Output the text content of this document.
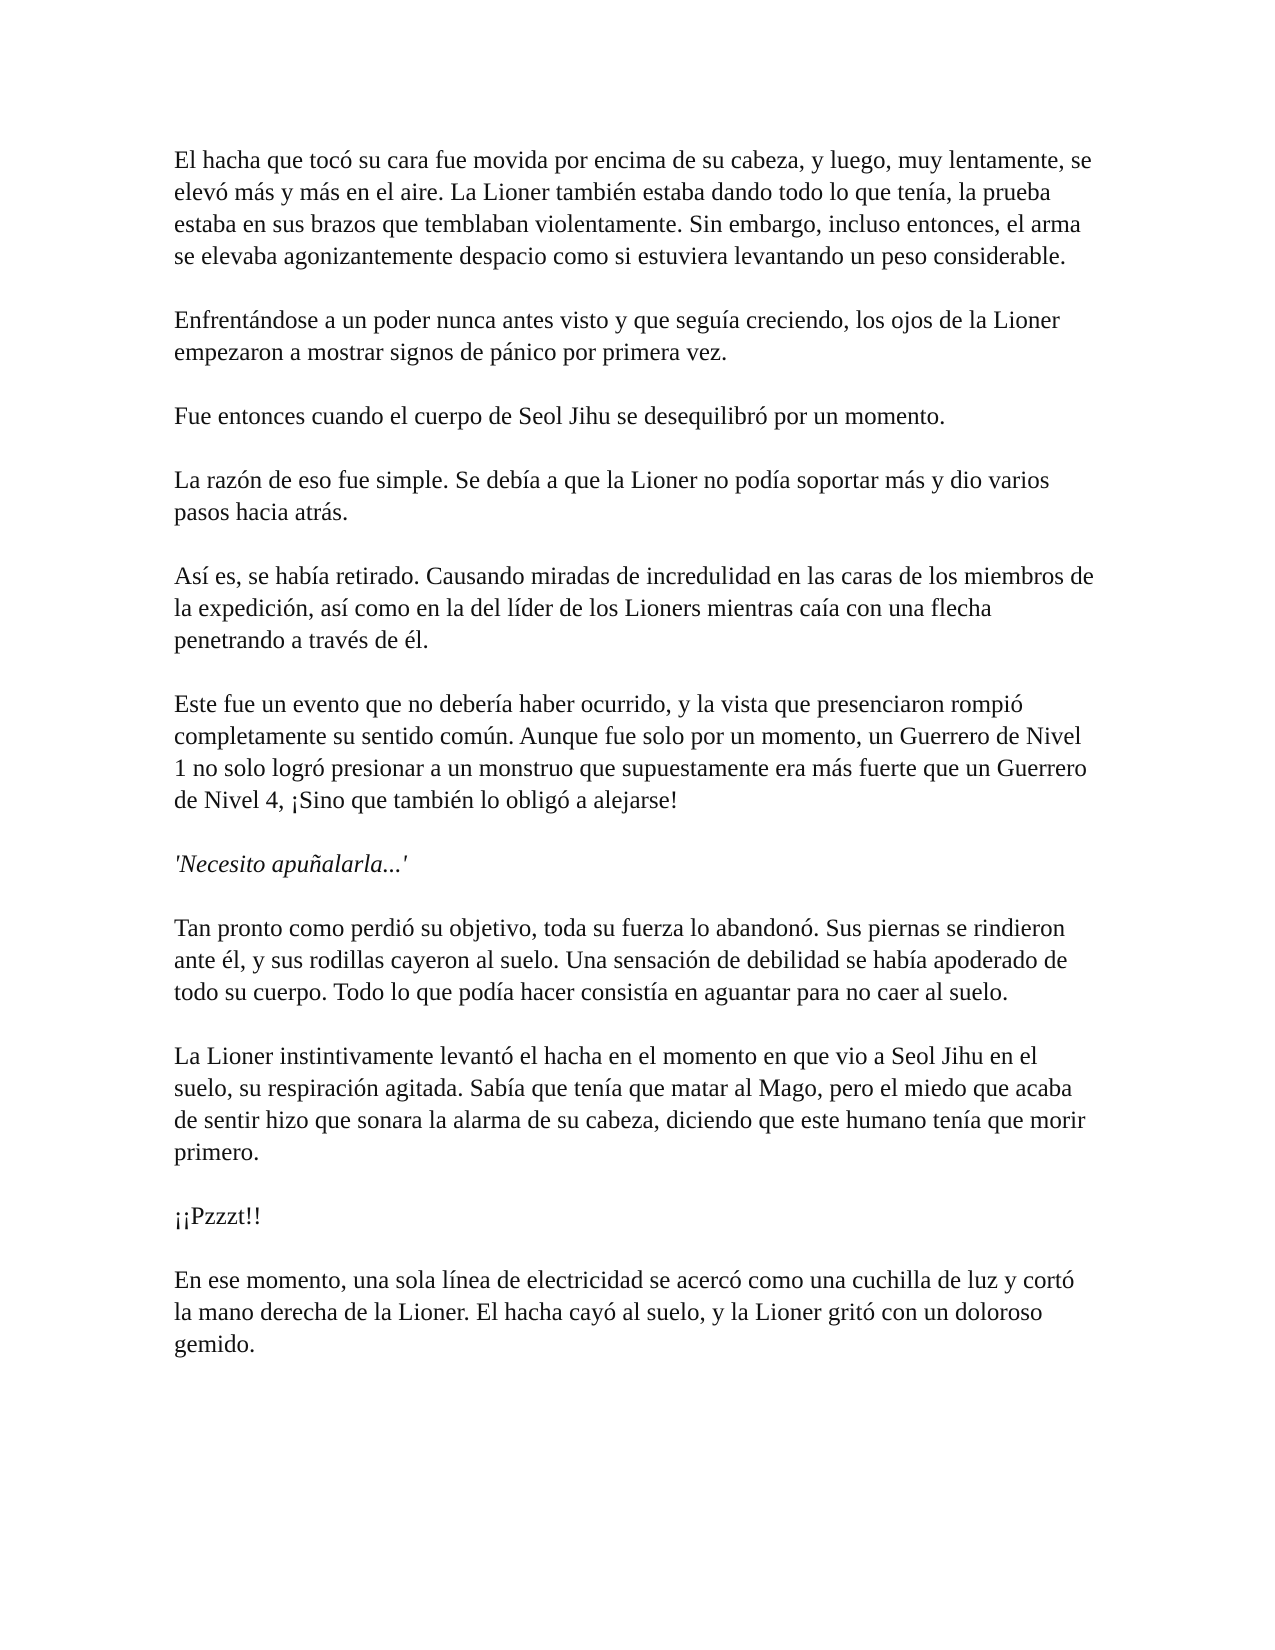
El hacha que tocó su cara fue movida por encima de su cabeza, y luego, muy lentamente, se elevó más y más en el aire. La Lioner también estaba dando todo lo que tenía, la prueba estaba en sus brazos que temblaban violentamente. Sin embargo, incluso entonces, el arma se elevaba agonizantemente despacio como si estuviera levantando un peso considerable.

Enfrentándose a un poder nunca antes visto y que seguía creciendo, los ojos de la Lioner empezaron a mostrar signos de pánico por primera vez.

Fue entonces cuando el cuerpo de Seol Jihu se desequilibró por un momento.

La razón de eso fue simple. Se debía a que la Lioner no podía soportar más y dio varios pasos hacia atrás.

Así es, se había retirado. Causando miradas de incredulidad en las caras de los miembros de la expedición, así como en la del líder de los Lioners mientras caía con una flecha penetrando a través de él.

Este fue un evento que no debería haber ocurrido, y la vista que presenciaron rompió completamente su sentido común. Aunque fue solo por un momento, un Guerrero de Nivel 1 no solo logró presionar a un monstruo que supuestamente era más fuerte que un Guerrero de Nivel 4, ¡Sino que también lo obligó a alejarse!

'Necesito apuñalarla...'

Tan pronto como perdió su objetivo, toda su fuerza lo abandonó. Sus piernas se rindieron ante él, y sus rodillas cayeron al suelo. Una sensación de debilidad se había apoderado de todo su cuerpo. Todo lo que podía hacer consistía en aguantar para no caer al suelo.

La Lioner instintivamente levantó el hacha en el momento en que vio a Seol Jihu en el suelo, su respiración agitada. Sabía que tenía que matar al Mago, pero el miedo que acaba de sentir hizo que sonara la alarma de su cabeza, diciendo que este humano tenía que morir primero.

¡¡Pzzzt!!

En ese momento, una sola línea de electricidad se acercó como una cuchilla de luz y cortó la mano derecha de la Lioner. El hacha cayó al suelo, y la Lioner gritó con un doloroso gemido.
